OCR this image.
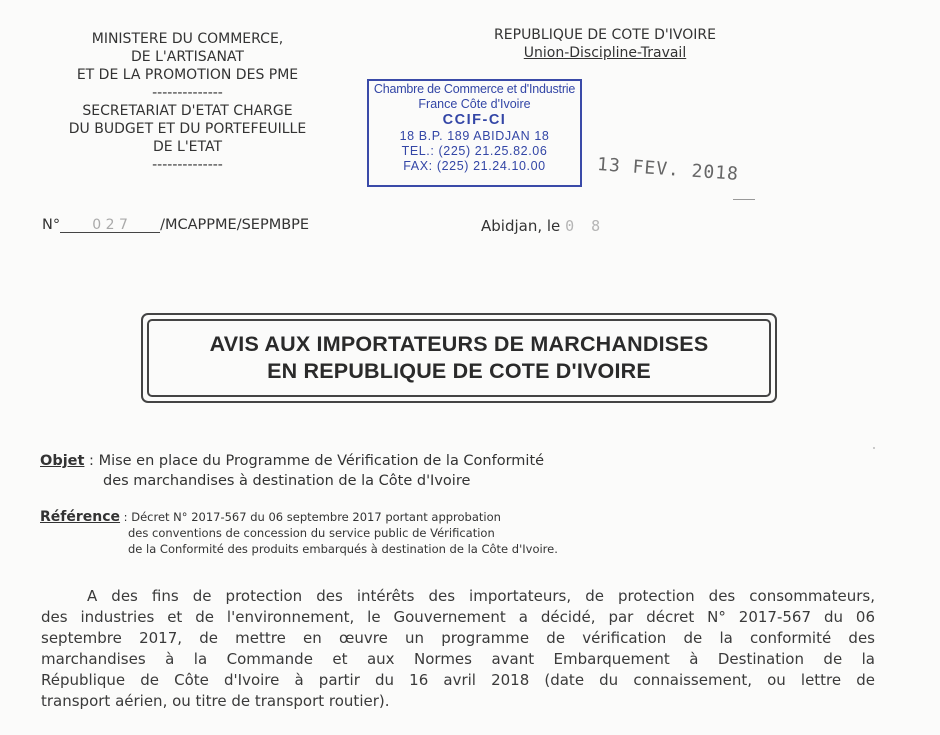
MINISTERE DU COMMERCE,
DE L'ARTISANAT
ET DE LA PROMOTION DES PME
--------------
SECRETARIAT D'ETAT CHARGE
DU BUDGET ET DU PORTEFEUILLE
DE L'ETAT
--------------
REPUBLIQUE DE COTE D'IVOIRE
Union-Discipline-Travail
Chambre de Commerce et d'Industrie
France Côte d'Ivoire
CCIF-CI
18 B.P. 189 ABIDJAN 18
TEL.: (225) 21.25.82.06
FAX: (225) 21.24.10.00	13 FEV. 2018
N° 0 2 7 /MCAPPME/SEPMBPE	Abidjan, le 0 8
AVIS AUX IMPORTATEURS DE MARCHANDISES
EN REPUBLIQUE DE COTE D'IVOIRE
Objet : Mise en place du Programme de Vérification de la Conformité
des marchandises à destination de la Côte d'Ivoire
Référence : Décret N° 2017-567 du 06 septembre 2017 portant approbation
des conventions de concession du service public de Vérification
de la Conformité des produits embarqués à destination de la Côte d'Ivoire.
A des fins de protection des intérêts des importateurs, de protection des consommateurs,
des industries et de l'environnement, le Gouvernement a décidé, par décret N° 2017-567 du 06
septembre 2017, de mettre en œuvre un programme de vérification de la conformité des
marchandises à la Commande et aux Normes avant Embarquement à Destination de la
République de Côte d'Ivoire à partir du 16 avril 2018 (date du connaissement, ou lettre de
transport aérien, ou titre de transport routier).
